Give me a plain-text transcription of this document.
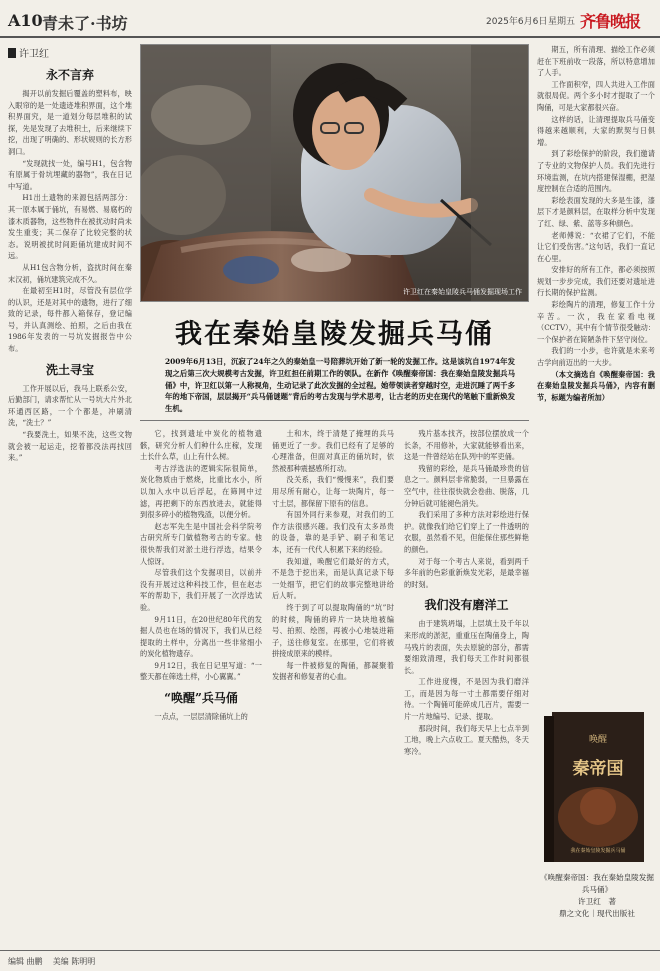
A10 青未了·书坊	2025年6月6日 星期五 齐鲁晚报
许卫红
永不言弃

揭开以前发掘后覆盖的塑料布，映入眼帘的是一处遗迹堆积界面，这个堆积界面究，是一道划分每层堆积的试探，先是发现了去堆积土，后来继续下挖，出现了明确的、形状规则的长方形洞口。

“发现就找一处，编号H1，包含物有原属于骨坑埋藏的器物”，我在日记中写道。

H1出土遗物的来源包括两部分：其一原本属于俑坑，有易燃、易腐朽的漆木质器物，这些物件在被扰动时尚未发生重变；其二保存了比较完整的状态。说明被扰时间距俑坑建成时间不远。

从H1包含物分析，盗扰时间在秦末汉初，俑坑建筑完成不久。

在最初至H1时，尽管没有层位学的认识，还是对其中的遗物，进行了细致的记录，每件都入箱保存，登记编号，并认真测绘、拍照，之后由我在1986年发表的一号坑发掘报告中公布。

洗土寻宝

工作开展以后，我马上联系公安，后勤部门，请求帮忙从一号坑大片外北环通西区路，一个个都是，冲刷清洗，“洗土？”

“我要洗土，如果不洗，这些文物就会被一起运走，挖着都没法再找回来。”

许卫红在秦始皇陵兵马俑发掘现场工作
我在秦始皇陵发掘兵马俑
2009年6月13日，沉寂了24年之久的秦始皇一号陪葬坑开始了新一轮的发掘工作。这是该坑自1974年发现之后第三次大规模考古发掘，许卫红担任前期工作的领队。在新作《唤醒秦帝国：我在秦始皇陵发掘兵马俑》中，许卫红以第一人称视角，生动记录了此次发掘的全过程。她带领读者穿越时空，走进沉睡了两千多年的地下帝国，层层揭开“兵马俑谜题”背后的考古发现与学术思考，让古老的历史在现代的笔触下重新焕发生机。

它，找到遗址中炭化的植物遗骸，研究分析人们种什么庄稼，发现土长什么草，山上有什么树。

考古浮选法的逻辑实际很简单，炭化物质由于燃烧，比重比水小，所以加入水中以后浮起，在筛网中过滤，再把剩下的东西放进去，就能得到很多碎小的植物残渣，以便分析。

赵志军先生是中国社会科学院考古研究所专门做植物考古的专家。他很快帮我们对淤土进行浮选，结果令人惊讶。

尽管我们这个发掘项目，以前并没有开展过这种科技工作，但在赵志军的帮助下，我们开展了一次浮选试验。

9月11日，在20世纪80年代的发掘人员也在场的情况下，我们从已经提取的土样中，分离出一些非常细小的炭化植物遗存。

9月12日，我在日记里写道：“一整天都在筛选土样，小心翼翼。”

“唤醒”兵马俑

一点点，一层层清除俑坑上的

土和木，终于清楚了掩埋的兵马俑更近了一步。我们已经有了足够的心理准备，但面对真正的俑坑时，依然被那种震撼感所打动。

没关系，我们“慢慢来”，我们要用尽所有耐心，让每一块陶片，每一寸土层，都保留下原有的信息。

有国外同行来参观，对我们的工作方法很感兴趣。我们没有太多昂贵的设备，靠的是手铲、刷子和笔记本，还有一代代人积累下来的经验。

我知道，唤醒它们最好的方式，不是急于挖出来，而是认真记录下每一处细节，把它们的故事完整地讲给后人听。

终于到了可以提取陶俑的“坑”时的时候，陶俑的碎片一块块地被编号、拍照、绘图，再被小心地装进箱子，送往修复室。在那里，它们将被拼接成原来的模样。

每一件被修复的陶俑，都凝聚着发掘者和修复者的心血。

残片基本找齐，按部位摆放成一个长条，不用修补，大家就能够看出来，这是一件曾经站在队列中的军吏俑。

残留的彩绘，是兵马俑最珍贵的信息之一。颜料层非常脆弱，一旦暴露在空气中，往往很快就会卷曲、脱落，几分钟后就可能褪色消失。

我们采用了多种方法对彩绘进行保护。就像我们给它们穿上了一件透明的衣服，虽然看不见，但能保住那些鲜艳的颜色。

对于每一个考古人来说，看到两千多年前的色彩重新焕发光彩，是最幸福的时刻。

我们没有磨洋工

由于建筑坍塌，上层填土及千年以来形成的淤泥，重重压在陶俑身上，陶马残片的表面，失去原貌的部分，都需要细致清理，我们每天工作时间都很长。

工作进度慢，不是因为我们磨洋工，而是因为每一寸土都需要仔细对待。一个陶俑可能碎成几百片，需要一片一片地编号、记录、提取。

那段时间，我们每天早上七点半到工地，晚上六点收工。夏天酷热，冬天寒冷。

期五，所有清理、描绘工作必须赶在下班前收一段落，所以特意增加了人手。

工作面积窄，四人共进入工作面就很局促。两个多小时才提取了一个陶俑，可是大家都很兴奋。

这样的话，让清理提取兵马俑变得越来越顺利，大家的默契与日俱增。

到了彩绘保护的阶段，我们邀请了专业的文物保护人员。我们先进行环境监测，在坑内搭建保湿棚，把湿度控制在合适的范围内。

彩绘表面发现的大多是生漆，漆层下才是颜料层，在取样分析中发现了红、绿、紫、蓝等多种颜色。

老师傅说：“衣裙了它们，不能让它们受伤害。”这句话，我们一直记在心里。

安排好的所有工作，都必须按照规划一步步完成，我们还要对遗址进行长期的保护监测。

彩绘陶片的清理，修复工作十分辛苦。一次，我在家看电视（CCTV），其中有个情节很受触动：一个保护者在简陋条件下坚守岗位。

我们的一小步，也许就是未来考古学向前迈出的一大步。

（本文摘选自《唤醒秦帝国：我在秦始皇陵发掘兵马俑》，内容有删节，标题为编者所加）

唤醒
秦帝国
我在秦始皇陵发掘兵马俑
《唤醒秦帝国：我在秦始皇陵发掘兵马俑》
许卫红　著
鼎之文化｜现代出版社
编辑 曲鹏 美编 陈明明
